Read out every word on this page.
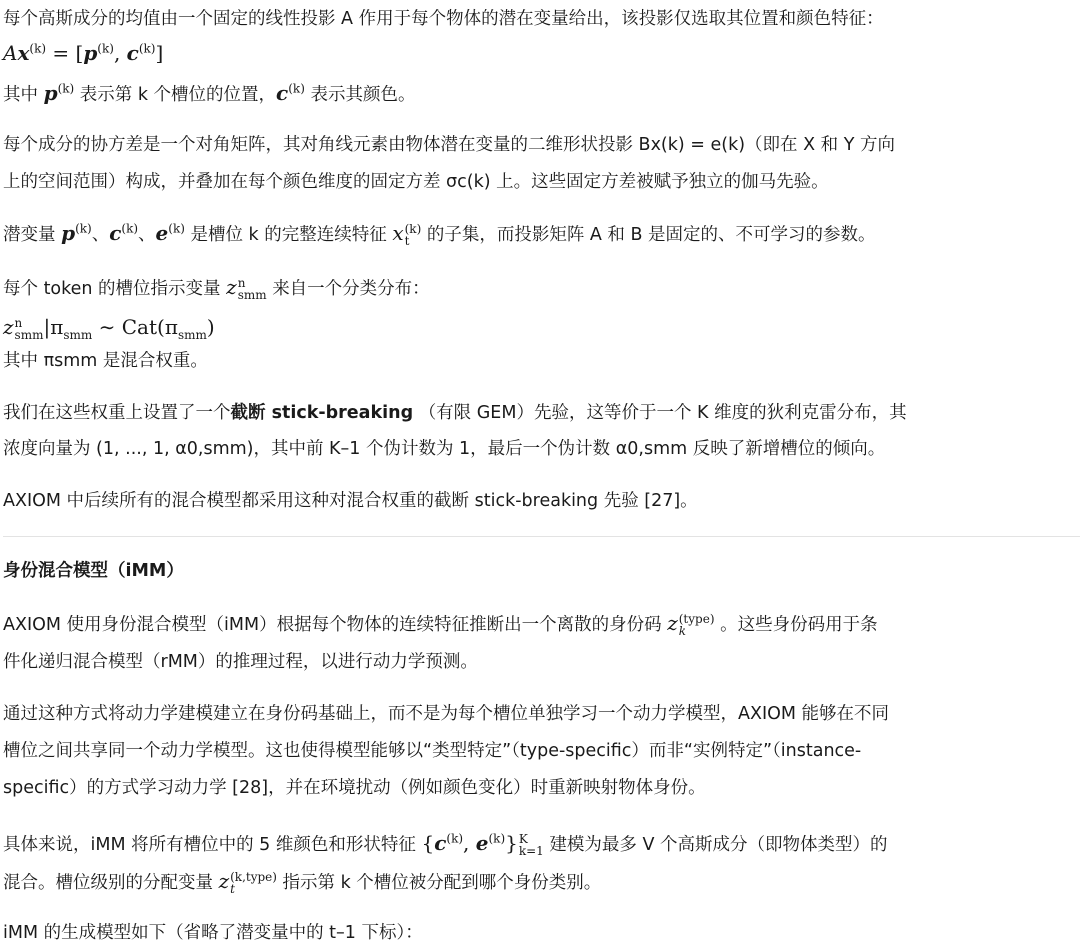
每个高斯成分的均值由一个固定的线性投影 A 作用于每个物体的潜在变量给出，该投影仅选取其位置和颜色特征：

$Ax^{(k)} = [p^{(k)}$, $c^{(k)}$]

其中 $p^{(k)}$ 表示第 k 个槽位的位置，$c^{(k)}$ 表示其颜色。

每个成分的协方差是一个对角矩阵，其对角线元素由物体潜在变量的二维形状投影 Bx(k) = e(k)（即在 X 和 Y 方向

上的空间范围）构成，并叠加在每个颜色维度的固定方差 σc(k) 上。这些固定方差被赋予独立的伽马先验。

潜变量 $p^{(k)}$、$c^{(k)}$、$e^{(k)}$ 是槽位 k 的完整连续特征 x (k)
t 的子集，而投影矩阵 A 和 B 是固定的、不可学习的参数。

每个 token 的槽位指示变量 z n
smm 来自一个分类分布：

z n
smm $|\pi_{smm}$ ∼ $Cat(\pi_{smm})$

其中 πsmm 是混合权重。

我们在这些权重上设置了一个截断 stick-breaking （有限 GEM）先验，这等价于一个 K 维度的狄利克雷分布，其

浓度向量为 (1, ..., 1, α0,smm)，其中前 K–1 个伪计数为 1，最后一个伪计数 α0,smm 反映了新增槽位的倾向。

AXIOM 中后续所有的混合模型都采用这种对混合权重的截断 stick-breaking 先验 [27]。

身份混合模型（iMM）

AXIOM 使用身份混合模型（iMM）根据每个物体的连续特征推断出一个离散的身份码 z (type)
k	。这些身份码用于条

件化递归混合模型（rMM）的推理过程，以进行动力学预测。

通过这种方式将动力学建模建立在身份码基础上，而不是为每个槽位单独学习一个动力学模型，AXIOM 能够在不同

槽位之间共享同一个动力学模型。这也使得模型能够以“类型特定”（type-specific）而非“实例特定”（instance-

specific）的方式学习动力学 [28]，并在环境扰动（例如颜色变化）时重新映射物体身份。

具体来说，iMM 将所有槽位中的 5 维颜色和形状特征 {$c^{(k)}$, $e^{(k)}$} K
k=1 建模为最多 V 个高斯成分（即物体类型）的

混合。槽位级别的分配变量 z (k,type)
t	指示第 k 个槽位被分配到哪个身份类别。

iMM 的生成模型如下（省略了潜变量中的 t–1 下标）：
